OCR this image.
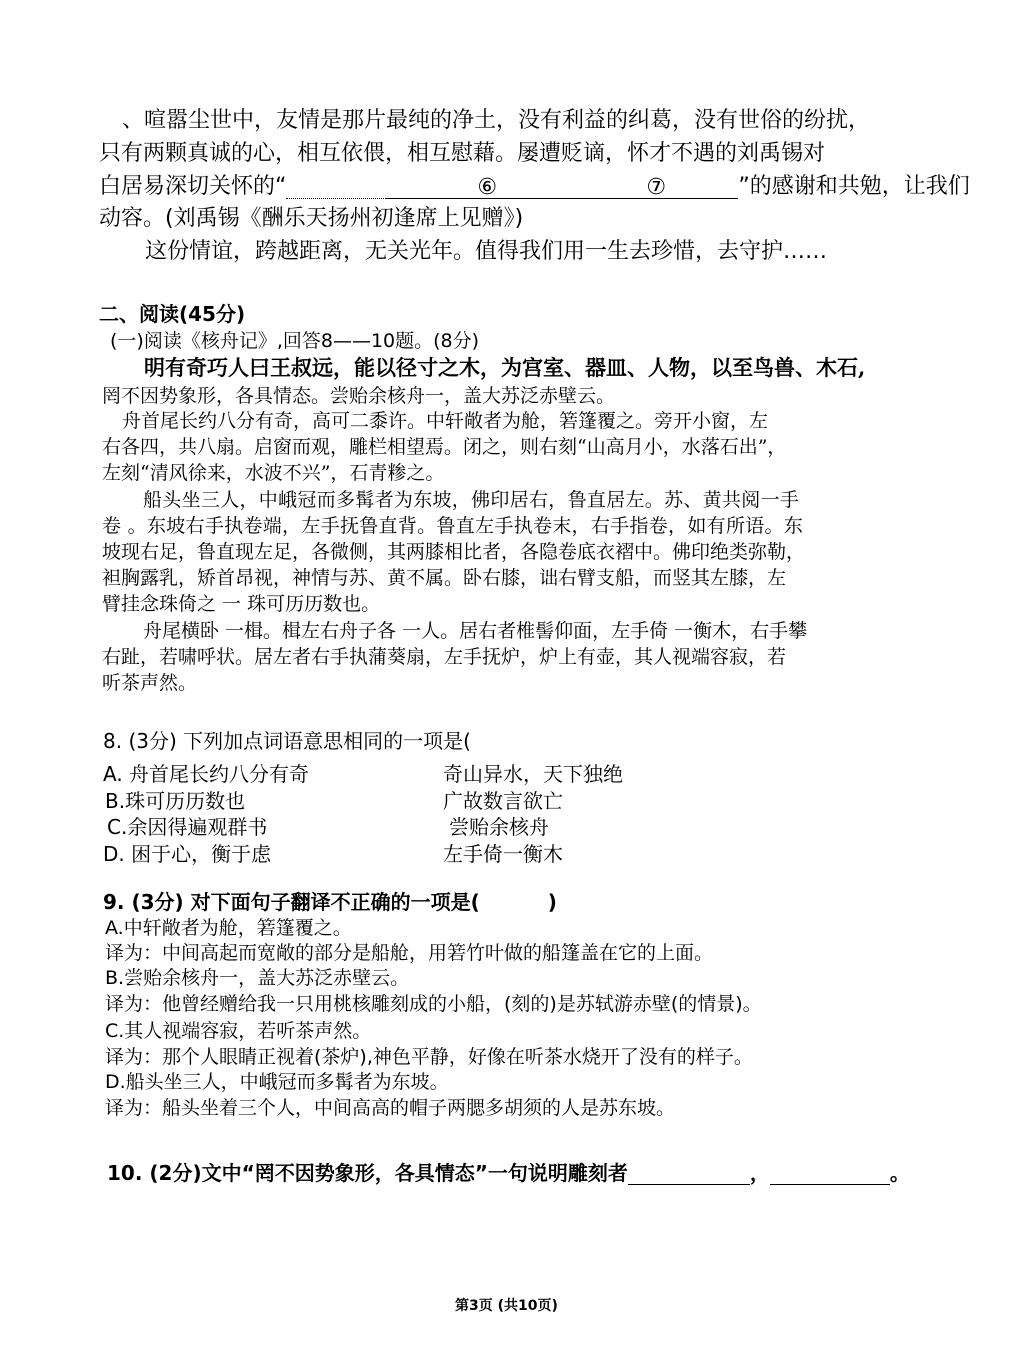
、喧嚣尘世中，友情是那片最纯的净土，没有利益的纠葛，没有世俗的纷扰，
只有两颗真诚的心，相互依偎，相互慰藉。屡遭贬谪，怀才不遇的刘禹锡对
白居易深切关怀的“	⑥	⑦	”的感谢和共勉，让我们
动容。(刘禹锡《酬乐天扬州初逢席上见赠》)
这份情谊，跨越距离，无关光年。值得我们用一生去珍惜，去守护……
二、阅读(45分)
(一)阅读《核舟记》,回答8——10题。(8分)
明有奇巧人曰王叔远，能以径寸之木，为宫室、器皿、人物，以至鸟兽、木石,
罔不因势象形，各具情态。尝贻余核舟一，盖大苏泛赤壁云。
舟首尾长约八分有奇，高可二黍许。中轩敞者为舱，箬篷覆之。旁开小窗，左
右各四，共八扇。启窗而观，雕栏相望焉。闭之，则右刻“山高月小，水落石出”，
左刻“清风徐来，水波不兴”，石青糁之。
船头坐三人，中峨冠而多髯者为东坡，佛印居右，鲁直居左。苏、黄共阅一手
卷 。东坡右手执卷端，左手抚鲁直背。鲁直左手执卷末，右手指卷，如有所语。东
坡现右足，鲁直现左足，各微侧，其两膝相比者，各隐卷底衣褶中。佛印绝类弥勒，
袒胸露乳，矫首昂视，神情与苏、黄不属。卧右膝，诎右臂支船，而竖其左膝，左
臂挂念珠倚之 一 珠可历历数也。
舟尾横卧 一楫。楫左右舟子各 一人。居右者椎髻仰面，左手倚 一衡木，右手攀
右趾，若啸呼状。居左者右手执蒲葵扇，左手抚炉，炉上有壶，其人视端容寂，若
听茶声然。
8. (3分) 下列加点词语意思相同的一项是(
A. 舟首尾长约八分有奇	奇山异水，天下独绝
B.珠可历历数也	广故数言欲亡
C.余因得遍观群书	尝贻余核舟
D. 困于心，衡于虑	左手倚一衡木
9. (3分) 对下面句子翻译不正确的一项是(	)
A.中轩敞者为舱，箬篷覆之。
译为：中间高起而宽敞的部分是船舱，用箬竹叶做的船篷盖在它的上面。
B.尝贻余核舟一，盖大苏泛赤壁云。
译为：他曾经赠给我一只用桃核雕刻成的小船，(刻的)是苏轼游赤壁(的情景)。
C.其人视端容寂，若听茶声然。
译为：那个人眼睛正视着(茶炉),神色平静，好像在听茶水烧开了没有的样子。
D.船头坐三人，中峨冠而多髯者为东坡。
译为：船头坐着三个人，中间高高的帽子两腮多胡须的人是苏东坡。
10. (2分)文中“罔不因势象形，各具情态”一句说明雕刻者	，	。
第3页 (共10页)
